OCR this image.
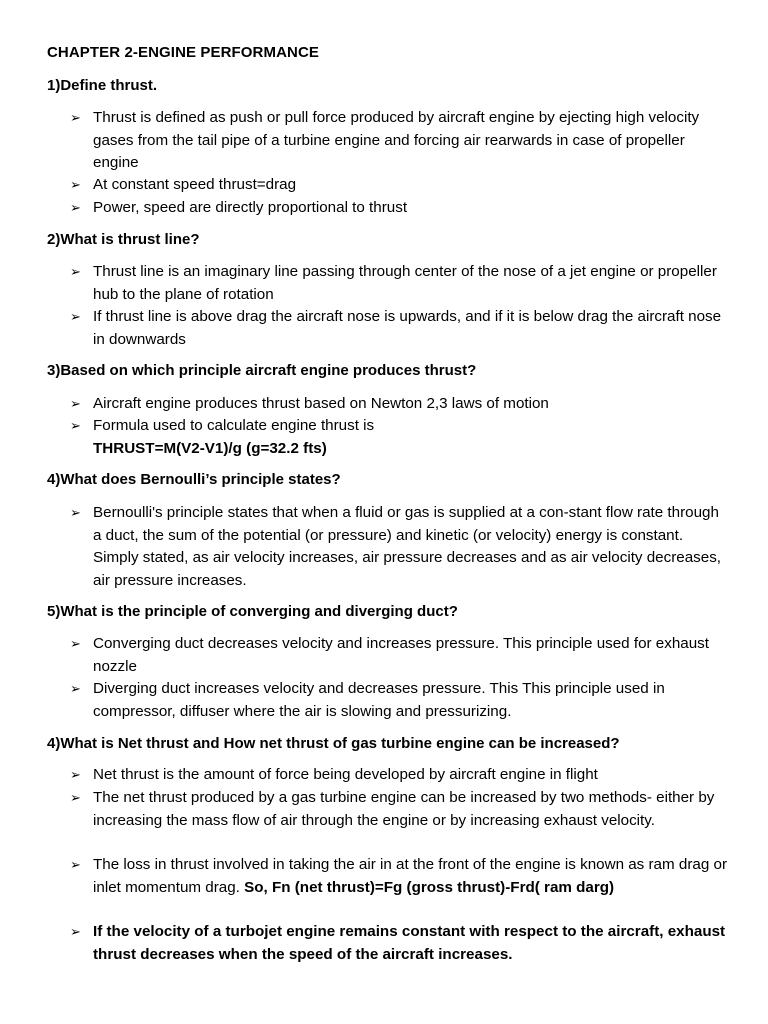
CHAPTER 2-ENGINE PERFORMANCE
1)Define thrust.
➢ Thrust is defined as push or pull force produced by aircraft engine by ejecting high velocity gases from the tail pipe of a turbine engine and forcing air rearwards in case of propeller engine
➢ At constant speed thrust=drag
➢ Power, speed are directly proportional to thrust
2)What is thrust line?
➢ Thrust line is an imaginary line passing through center of the nose of a jet engine or propeller hub to the plane of rotation
➢ If thrust line is above drag the aircraft nose is upwards, and if it is below drag the aircraft nose in downwards
3)Based on which principle aircraft engine produces thrust?
➢ Aircraft engine produces thrust based on Newton 2,3 laws of motion
➢ Formula used to calculate engine thrust is
THRUST=M(V2-V1)/g (g=32.2 fts)
4)What does Bernoulli’s principle states?
➢ Bernoulli's principle states that when a fluid or gas is supplied at a con-stant flow rate through a duct, the sum of the potential (or pressure) and kinetic (or velocity) energy is constant. Simply stated, as air velocity increases, air pressure decreases and as air velocity decreases, air pressure increases.
5)What is the principle of converging and diverging duct?
➢ Converging duct decreases velocity and increases pressure. This principle used for exhaust nozzle
➢ Diverging duct increases velocity and decreases pressure. This This principle used in compressor, diffuser where the air is slowing and pressurizing.
4)What is Net thrust and How net thrust of gas turbine engine can be increased?
➢ Net thrust is the amount of force being developed by aircraft engine in flight
➢ The net thrust produced by a gas turbine engine can be increased by two methods- either by increasing the mass flow of air through the engine or by increasing exhaust velocity.
➢ The loss in thrust involved in taking the air in at the front of the engine is known as ram drag or inlet momentum drag. So, Fn (net thrust)=Fg (gross thrust)-Frd( ram darg)
➢ If the velocity of a turbojet engine remains constant with respect to the aircraft, exhaust thrust decreases when the speed of the aircraft increases.
